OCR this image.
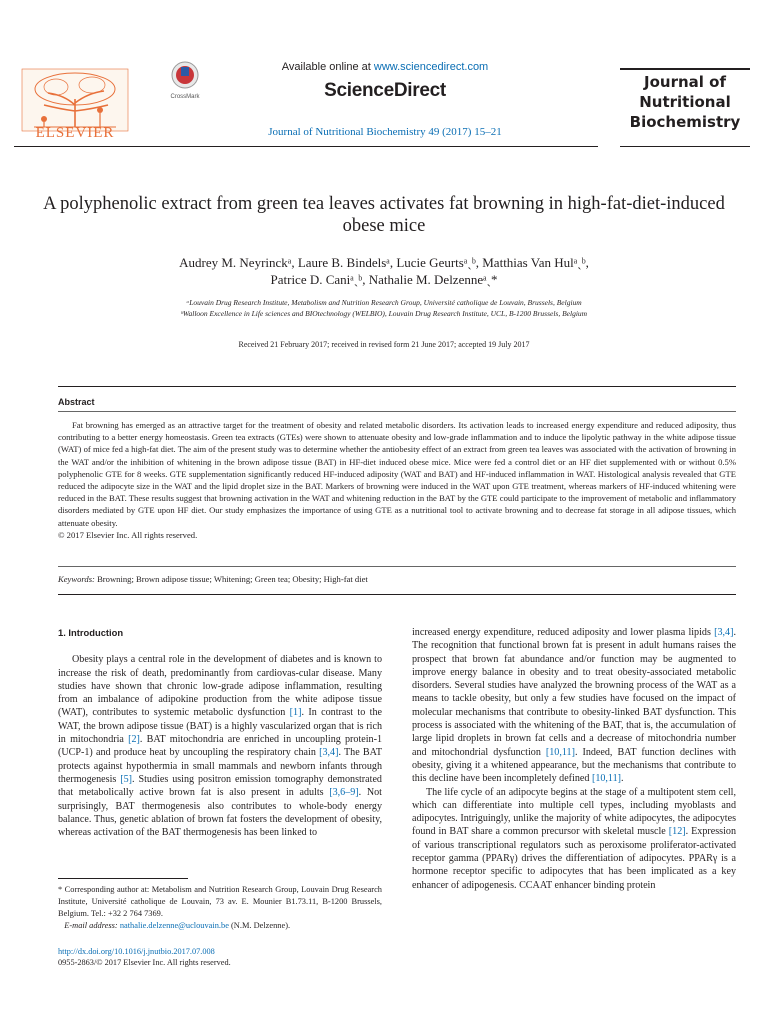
ELSEVIER
CrossMark
Available online at www.sciencedirect.com
ScienceDirect
Journal of Nutritional Biochemistry 49 (2017) 15–21
Journal of
Nutritional
Biochemistry
A polyphenolic extract from green tea leaves activates fat browning in high-fat-diet-induced obese mice
Audrey M. Neyrinckᵃ, Laure B. Bindelsᵃ, Lucie Geurtsᵃˎᵇ, Matthias Van Hulᵃˎᵇ,
Patrice D. Caniᵃˎᵇ, Nathalie M. Delzenneᵃˎ*
ᵃLouvain Drug Research Institute, Metabolism and Nutrition Research Group, Université catholique de Louvain, Brussels, Belgium
ᵇWalloon Excellence in Life sciences and BIOtechnology (WELBIO), Louvain Drug Research Institute, UCL, B-1200 Brussels, Belgium
Received 21 February 2017; received in revised form 21 June 2017; accepted 19 July 2017
Abstract
Fat browning has emerged as an attractive target for the treatment of obesity and related metabolic disorders. Its activation leads to increased energy expenditure and reduced adiposity, thus contributing to a better energy homeostasis. Green tea extracts (GTEs) were shown to attenuate obesity and low-grade inflammation and to induce the lipolytic pathway in the white adipose tissue (WAT) of mice fed a high-fat diet. The aim of the present study was to determine whether the antiobesity effect of an extract from green tea leaves was associated with the activation of browning in the WAT and/or the inhibition of whitening in the brown adipose tissue (BAT) in HF-diet induced obese mice. Mice were fed a control diet or an HF diet supplemented with or without 0.5% polyphenolic GTE for 8 weeks. GTE supplementation significantly reduced HF-induced adiposity (WAT and BAT) and HF-induced inflammation in WAT. Histological analysis revealed that GTE reduced the adipocyte size in the WAT and the lipid droplet size in the BAT. Markers of browning were induced in the WAT upon GTE treatment, whereas markers of HF-induced whitening were reduced in the BAT. These results suggest that browning activation in the WAT and whitening reduction in the BAT by the GTE could participate to the improvement of metabolic and inflammatory disorders mediated by GTE upon HF diet. Our study emphasizes the importance of using GTE as a nutritional tool to activate browning and to decrease fat storage in all adipose tissues, which attenuate obesity.
© 2017 Elsevier Inc. All rights reserved.
Keywords: Browning; Brown adipose tissue; Whitening; Green tea; Obesity; High-fat diet
1. Introduction

Obesity plays a central role in the development of diabetes and is known to increase the risk of death, predominantly from cardiovas-cular disease. Many studies have shown that chronic low-grade adipose inflammation, resulting from an imbalance of adipokine production from the white adipose tissue (WAT), contributes to systemic metabolic dysfunction [1]. In contrast to the WAT, the brown adipose tissue (BAT) is a highly vascularized organ that is rich in mitochondria [2]. BAT mitochondria are enriched in uncoupling protein-1 (UCP-1) and produce heat by uncoupling the respiratory chain [3,4]. The BAT protects against hypothermia in small mammals and newborn infants through thermogenesis [5]. Studies using positron emission tomography demonstrated that metabolically active brown fat is also present in adults [3,6–9]. Not surprisingly, BAT thermogenesis also contributes to whole-body energy balance. Thus, genetic ablation of brown fat fosters the development of obesity, whereas activation of the BAT thermogenesis has been linked to

* Corresponding author at: Metabolism and Nutrition Research Group, Louvain Drug Research Institute, Université catholique de Louvain, 73 av. E. Mounier B1.73.11, B-1200 Brussels, Belgium. Tel.: +32 2 764 7369.
E-mail address: nathalie.delzenne@uclouvain.be (N.M. Delzenne).
http://dx.doi.org/10.1016/j.jnutbio.2017.07.008
0955-2863/© 2017 Elsevier Inc. All rights reserved.

increased energy expenditure, reduced adiposity and lower plasma lipids [3,4]. The recognition that functional brown fat is present in adult humans raises the prospect that brown fat abundance and/or function may be augmented to improve energy balance in obesity and to treat obesity-associated metabolic disorders. Several studies have analyzed the browning process of the WAT as a means to tackle obesity, but only a few studies have focused on the impact of molecular mechanisms that contribute to obesity-linked BAT dysfunction. This process is associated with the whitening of the BAT, that is, the accumulation of large lipid droplets in brown fat cells and a decrease of mitochondria number and mitochondrial dysfunction [10,11]. Indeed, BAT function declines with obesity, giving it a whitened appearance, but the mechanisms that contribute to this decline have been incompletely defined [10,11].

The life cycle of an adipocyte begins at the stage of a multipotent stem cell, which can differentiate into multiple cell types, including myoblasts and adipocytes. Intriguingly, unlike the majority of white adipocytes, the adipocytes found in BAT share a common precursor with skeletal muscle [12]. Expression of various transcriptional regulators such as peroxisome proliferator-activated receptor gamma (PPARγ) drives the differentiation of adipocytes. PPARγ is a hormone receptor specific to adipocytes that has been implicated as a key enhancer of adipogenesis. CCAAT enhancer binding protein
